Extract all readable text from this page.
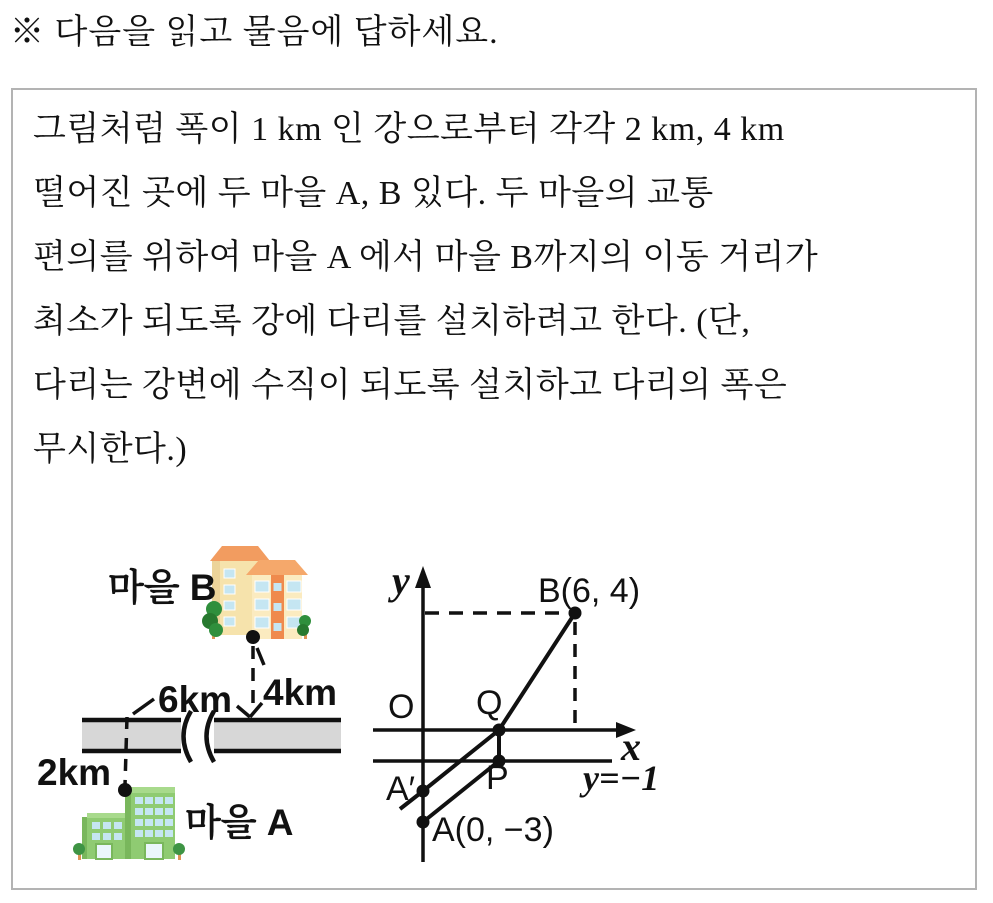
※ 다음을 읽고 물음에 답하세요.
그림처럼 폭이 1 km 인 강으로부터 각각 2 km, 4 km
떨어진 곳에 두 마을 A, B 있다. 두 마을의 교통
편의를 위하여 마을 A 에서 마을 B까지의 이동 거리가
최소가 되도록 강에 다리를 설치하려고 한다. (단,
다리는 강변에 수직이 되도록 설치하고 다리의 폭은
무시한다.)
마을 B
6km 4km
2km
마을 A
y
x
O Q
P
A′
A(0, −3)
B(6, 4)
y=−1
